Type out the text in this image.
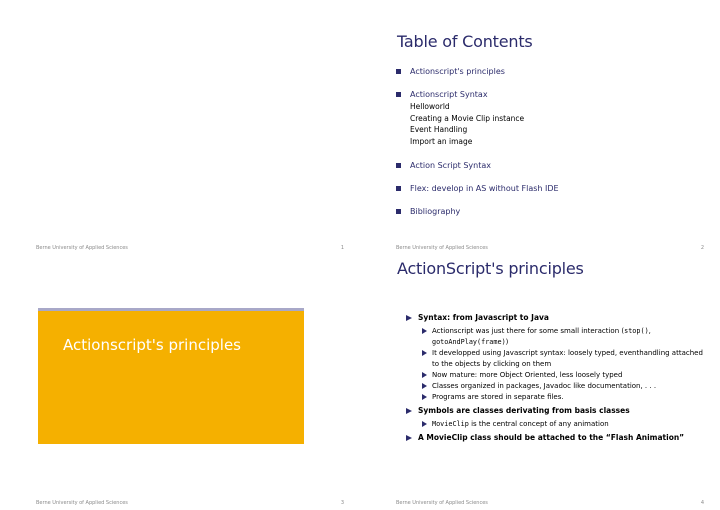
Berne University of Applied Sciences	1
Table of Contents
Actionscript's principles
Actionscript Syntax
Helloworld
Creating a Movie Clip instance
Event Handling
Import an image
Action Script Syntax
Flex: develop in AS without Flash IDE
Bibliography
Berne University of Applied Sciences	2
Actionscript's principles
Berne University of Applied Sciences	3
ActionScript's principles
Syntax: from Javascript to Java
Actionscript was just there for some small interaction (stop(),
gotoAndPlay(frame))
It developped using Javascript syntax: loosely typed, eventhandling attached to the objects by clicking on them
Now mature: more Object Oriented, less loosely typed
Classes organized in packages, Javadoc like documentation, . . .
Programs are stored in separate files.
Symbols are classes derivating from basis classes
MovieClip is the central concept of any animation
A MovieClip class should be attached to the “Flash Animation”
Berne University of Applied Sciences	4
